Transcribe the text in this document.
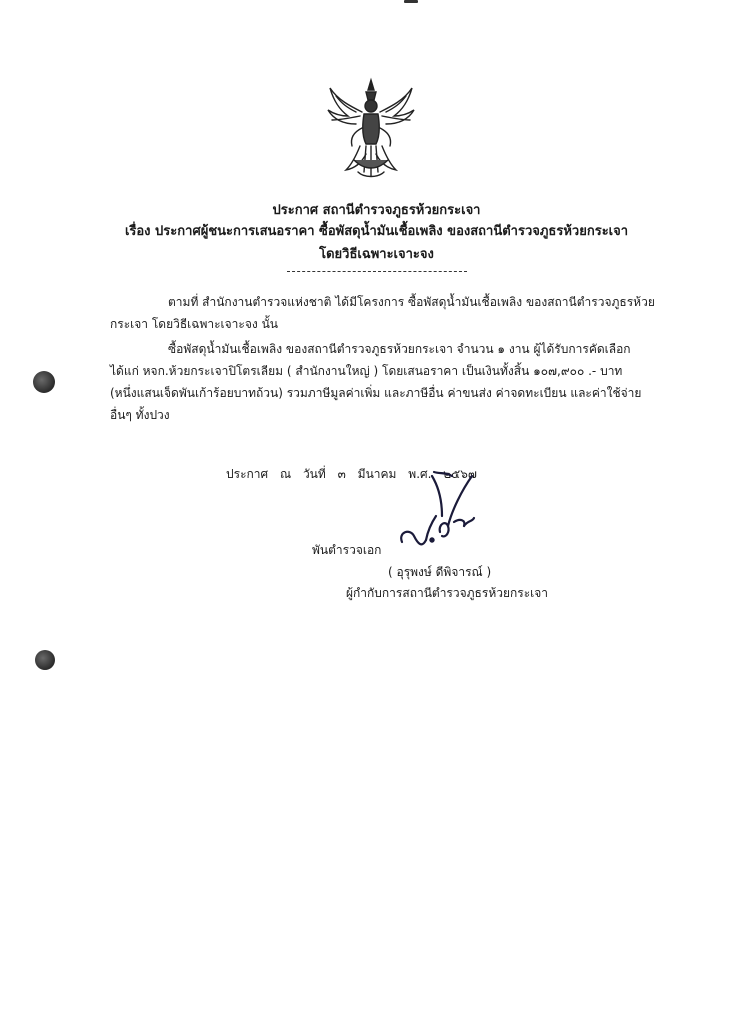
ประกาศ สถานีตำรวจภูธรห้วยกระเจา
เรื่อง ประกาศผู้ชนะการเสนอราคา ซื้อพัสดุน้ำมันเชื้อเพลิง ของสถานีตำรวจภูธรห้วยกระเจา
โดยวิธีเฉพาะเจาะจง
ตามที่ สำนักงานตำรวจแห่งชาติ ได้มีโครงการ ซื้อพัสดุน้ำมันเชื้อเพลิง ของสถานีตำรวจภูธรห้วย
กระเจา โดยวิธีเฉพาะเจาะจง นั้น
ซื้อพัสดุน้ำมันเชื้อเพลิง ของสถานีตำรวจภูธรห้วยกระเจา จำนวน ๑ งาน ผู้ได้รับการคัดเลือก
ได้แก่ หจก.ห้วยกระเจาปิโตรเลียม ( สำนักงานใหญ่ ) โดยเสนอราคา เป็นเงินทั้งสิ้น ๑๐๗,๙๐๐ .- บาท
(หนึ่งแสนเจ็ดพันเก้าร้อยบาทถ้วน) รวมภาษีมูลค่าเพิ่ม และภาษีอื่น ค่าขนส่ง ค่าจดทะเบียน และค่าใช้จ่าย
อื่นๆ ทั้งปวง
ประกาศ ณ วันที่ ๓ มีนาคม พ.ศ. ๒๕๖๗
พันตำรวจเอก
( อุรุพงษ์ ดีพิจารณ์ )
ผู้กำกับการสถานีตำรวจภูธรห้วยกระเจา
